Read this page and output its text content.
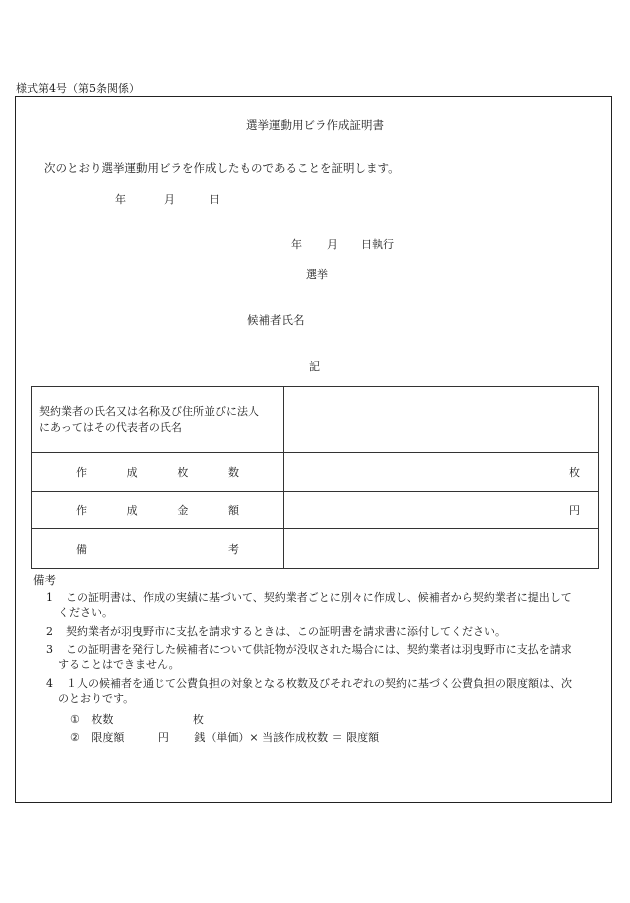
様式第4号（第5条関係）
選挙運動用ビラ作成証明書
次のとおり選挙運動用ビラを作成したものであることを証明します。
年	月	日
年 月 日執行
選挙
候補者氏名
記
契約業者の氏名又は名称及び住所並びに法人
にあってはその代表者の氏名	

作 成 枚 数	枚

作 成 金 額	円

備 考	

備考
1 この証明書は、作成の実績に基づいて、契約業者ごとに別々に作成し、候補者から契約業者に提出して
ください。
2 契約業者が羽曳野市に支払を請求するときは、この証明書を請求書に添付してください。
3 この証明書を発行した候補者について供託物が没収された場合には、契約業者は羽曳野市に支払を請求
することはできません。
4 １人の候補者を通じて公費負担の対象となる枚数及びそれぞれの契約に基づく公費負担の限度額は、次
のとおりです。
① 枚数	枚
② 限度額	円 銭（単価）× 当該作成枚数 ＝ 限度額
